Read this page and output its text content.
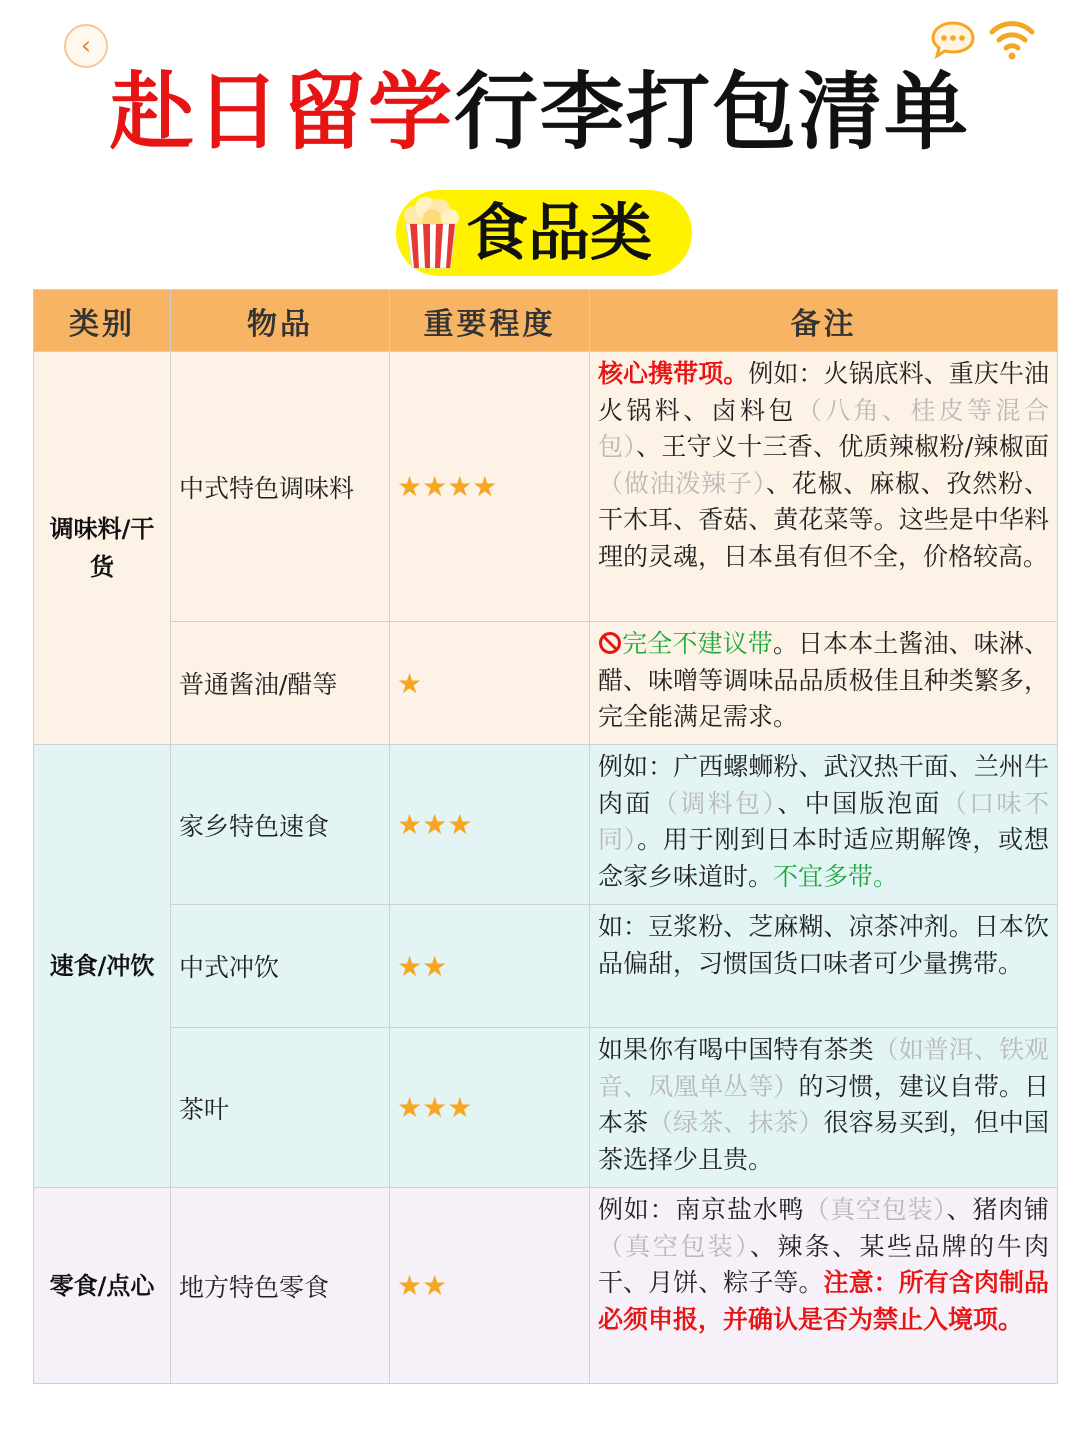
‹
赴日留学行李打包清单
食品类
类别	物品	重要程度	备注
调味料/干货	中式特色调味料	★★★★	核心携带项。例如：火锅底料、重庆牛油火锅料、卤料包（八角、桂皮等混合包）、王守义十三香、优质辣椒粉/辣椒面（做油泼辣子）、花椒、麻椒、孜然粉、干木耳、香菇、黄花菜等。这些是中华料理的灵魂，日本虽有但不全，价格较高。
	普通酱油/醋等	★	完全不建议带。日本本土酱油、味淋、醋、味噌等调味品品质极佳且种类繁多，完全能满足需求。
速食/冲饮	家乡特色速食	★★★	例如：广西螺蛳粉、武汉热干面、兰州牛肉面（调料包）、中国版泡面（口味不同）。用于刚到日本时适应期解馋，或想念家乡味道时。不宜多带。
	中式冲饮	★★	如：豆浆粉、芝麻糊、凉茶冲剂。日本饮品偏甜，习惯国货口味者可少量携带。
	茶叶	★★★	如果你有喝中国特有茶类（如普洱、铁观音、凤凰单丛等）的习惯，建议自带。日本茶（绿茶、抹茶）很容易买到，但中国茶选择少且贵。
零食/点心	地方特色零食	★★	例如：南京盐水鸭（真空包装）、猪肉铺（真空包装）、辣条、某些品牌的牛肉干、月饼、粽子等。注意：所有含肉制品必须申报，并确认是否为禁止入境项。
